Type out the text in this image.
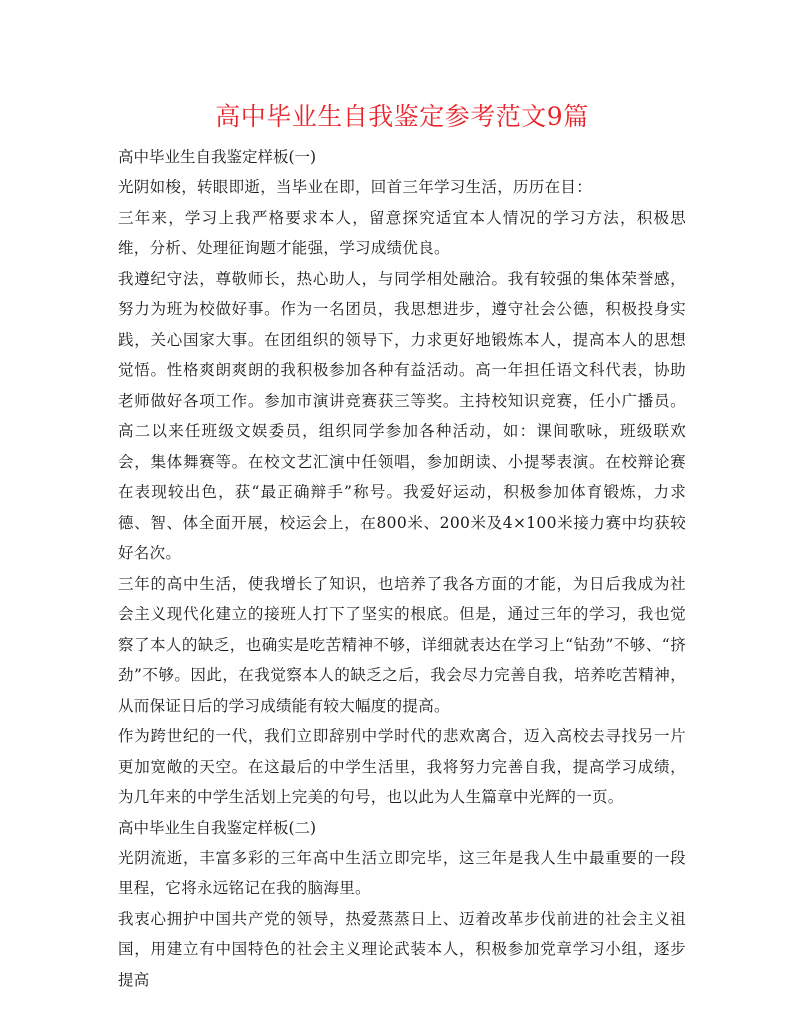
高中毕业生自我鉴定参考范文9篇

高中毕业生自我鉴定样板(一)

光阴如梭，转眼即逝，当毕业在即，回首三年学习生活，历历在目：

三年来，学习上我严格要求本人，留意探究适宜本人情况的学习方法，积极思维，分析、处理征询题才能强，学习成绩优良。

我遵纪守法，尊敬师长，热心助人，与同学相处融洽。我有较强的集体荣誉感，努力为班为校做好事。作为一名团员，我思想进步，遵守社会公德，积极投身实践，关心国家大事。在团组织的领导下，力求更好地锻炼本人，提高本人的思想觉悟。性格爽朗爽朗的我积极参加各种有益活动。高一年担任语文科代表，协助老师做好各项工作。参加市演讲竞赛获三等奖。主持校知识竞赛，任小广播员。高二以来任班级文娱委员，组织同学参加各种活动，如：课间歌咏，班级联欢会，集体舞赛等。在校文艺汇演中任领唱，参加朗读、小提琴表演。在校辩论赛在表现较出色，获“最正确辩手”称号。我爱好运动，积极参加体育锻炼，力求德、智、体全面开展，校运会上，在800米、200米及4×100米接力赛中均获较好名次。

三年的高中生活，使我增长了知识，也培养了我各方面的才能，为日后我成为社会主义现代化建立的接班人打下了坚实的根底。但是，通过三年的学习，我也觉察了本人的缺乏，也确实是吃苦精神不够，详细就表达在学习上“钻劲”不够、“挤劲”不够。因此，在我觉察本人的缺乏之后，我会尽力完善自我，培养吃苦精神，从而保证日后的学习成绩能有较大幅度的提高。

作为跨世纪的一代，我们立即辞别中学时代的悲欢离合，迈入高校去寻找另一片更加宽敞的天空。在这最后的中学生活里，我将努力完善自我，提高学习成绩，为几年来的中学生活划上完美的句号，也以此为人生篇章中光辉的一页。

高中毕业生自我鉴定样板(二)

光阴流逝，丰富多彩的三年高中生活立即完毕，这三年是我人生中最重要的一段里程，它将永远铭记在我的脑海里。

我衷心拥护中国共产党的领导，热爱蒸蒸日上、迈着改革步伐前进的社会主义祖国，用建立有中国特色的社会主义理论武装本人，积极参加党章学习小组，逐步提高
